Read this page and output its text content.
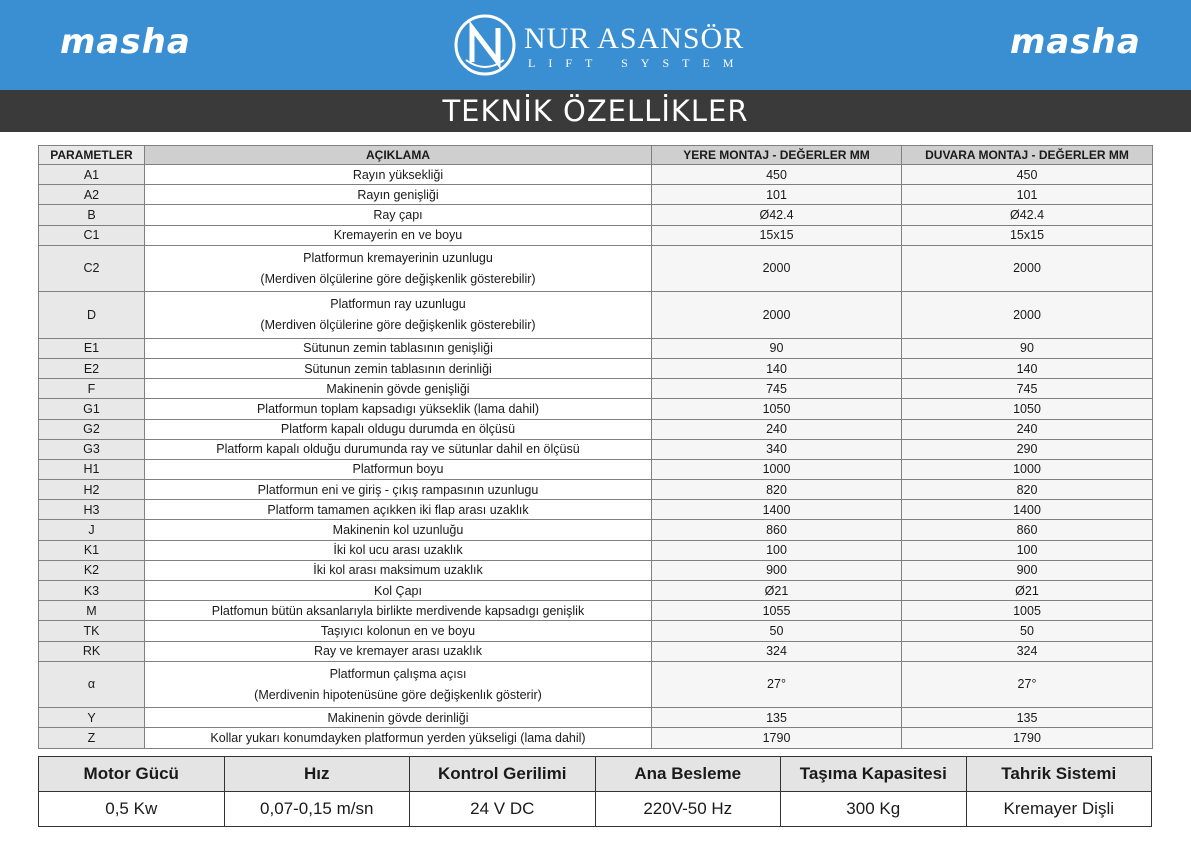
masha	NUR ASANSÖR
LIFT SYSTEM
masha
TEKNİK ÖZELLİKLER
PARAMETLER	AÇIKLAMA	YERE MONTAJ - DEĞERLER MM	DUVARA MONTAJ - DEĞERLER MM
A1	Rayın yüksekliği	450	450
A2	Rayın genişliği	101	101
B	Ray çapı	Ø42.4	Ø42.4
C1	Kremayerin en ve boyu	15x15	15x15
C2	Platformun kremayerinin uzunlugu
(Merdiven ölçülerine göre değişkenlik gösterebilir)	2000	2000
D	Platformun ray uzunlugu
(Merdiven ölçülerine göre değişkenlik gösterebilir)	2000	2000
E1	Sütunun zemin tablasının genişliği	90	90
E2	Sütunun zemin tablasının derinliği	140	140
F	Makinenin gövde genişliği	745	745
G1	Platformun toplam kapsadıgı yükseklik (lama dahil)	1050	1050
G2	Platform kapalı oldugu durumda en ölçüsü	240	240
G3	Platform kapalı olduğu durumunda ray ve sütunlar dahil en ölçüsü	340	290
H1	Platformun boyu	1000	1000
H2	Platformun eni ve giriş - çıkış rampasının uzunlugu	820	820
H3	Platform tamamen açıkken iki flap arası uzaklık	1400	1400
J	Makinenin kol uzunluğu	860	860
K1	İki kol ucu arası uzaklık	100	100
K2	İki kol arası maksimum uzaklık	900	900
K3	Kol Çapı	Ø21	Ø21
M	Platfomun bütün aksanlarıyla birlikte merdivende kapsadıgı genişlik	1055	1005
TK	Taşıyıcı kolonun en ve boyu	50	50
RK	Ray ve kremayer arası uzaklık	324	324
α	Platformun çalışma açısı
(Merdivenin hipotenüsüne göre değişkenlık gösterir)	27°	27°
Y	Makinenin gövde derinliği	135	135
Z	Kollar yukarı konumdayken platformun yerden yükseligi (lama dahil)	1790	1790
Motor Gücü	Hız	Kontrol Gerilimi	Ana Besleme	Taşıma Kapasitesi	Tahrik Sistemi
0,5 Kw	0,07-0,15 m/sn	24 V DC	220V-50 Hz	300 Kg	Kremayer Dişli
